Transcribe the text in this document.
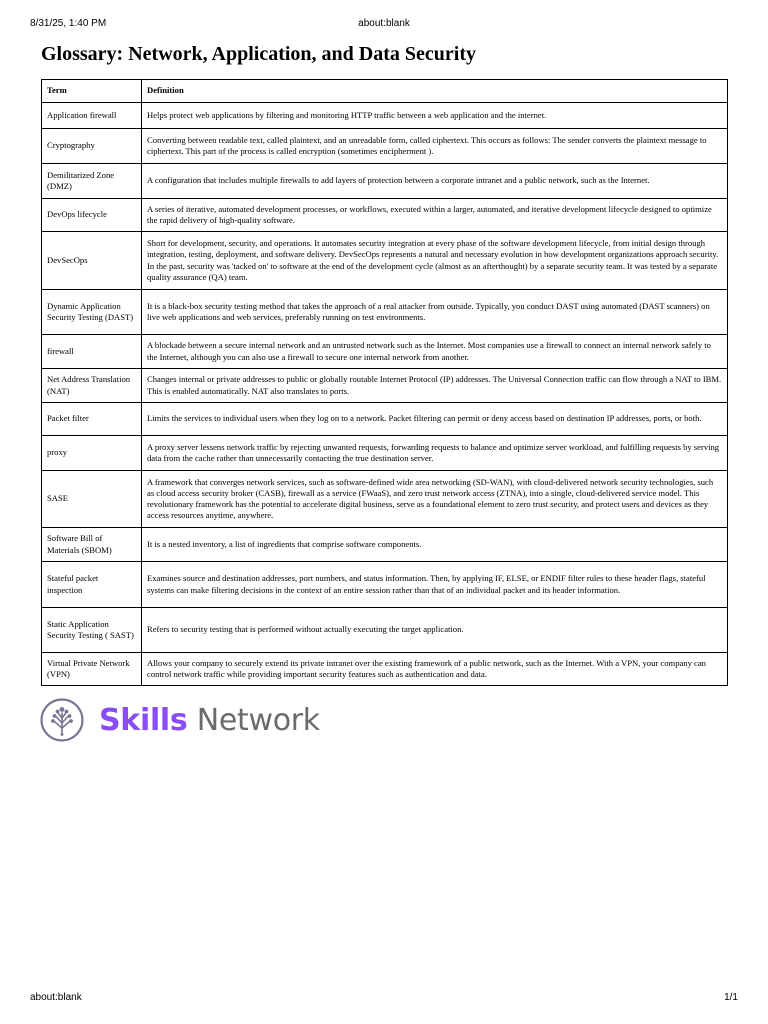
8/31/25, 1:40 PM	about:blank
Glossary: Network, Application, and Data Security
Term	Definition
Application firewall	Helps protect web applications by filtering and monitoring HTTP traffic between a web application and the internet.
Cryptography	Converting between readable text, called plaintext, and an unreadable form, called ciphertext. This occurs as follows: The sender converts the plaintext message to ciphertext. This part of the process is called encryption (sometimes encipherment ).
Demilitarized Zone (DMZ)	A configuration that includes multiple firewalls to add layers of protection between a corporate intranet and a public network, such as the Internet.
DevOps lifecycle	A series of iterative, automated development processes, or workflows, executed within a larger, automated, and iterative development lifecycle designed to optimize the rapid delivery of high-quality software.
DevSecOps	Short for development, security, and operations. It automates security integration at every phase of the software development lifecycle, from initial design through integration, testing, deployment, and software delivery. DevSecOps represents a natural and necessary evolution in how development organizations approach security. In the past, security was 'tacked on' to software at the end of the development cycle (almost as an afterthought) by a separate security team. It was tested by a separate quality assurance (QA) team.
Dynamic Application Security Testing (DAST)	It is a black-box security testing method that takes the approach of a real attacker from outside. Typically, you conduct DAST using automated (DAST scanners) on live web applications and web services, preferably running on test environments.
firewall	A blockade between a secure internal network and an untrusted network such as the Internet. Most companies use a firewall to connect an internal network safely to the Internet, although you can also use a firewall to secure one internal network from another.
Net Address Translation (NAT)	Changes internal or private addresses to public or globally routable Internet Protocol (IP) addresses. The Universal Connection traffic can flow through a NAT to IBM. This is enabled automatically. NAT also translates to ports.
Packet filter	Limits the services to individual users when they log on to a network. Packet filtering can permit or deny access based on destination IP addresses, ports, or both.
proxy	A proxy server lessens network traffic by rejecting unwanted requests, forwarding requests to balance and optimize server workload, and fulfilling requests by serving data from the cache rather than unnecessarily contacting the true destination server.
SASE	A framework that converges network services, such as software-defined wide area networking (SD-WAN), with cloud-delivered network security technologies, such as cloud access security broker (CASB), firewall as a service (FWaaS), and zero trust network access (ZTNA), into a single, cloud-delivered service model. This revolutionary framework has the potential to accelerate digital business, serve as a foundational element to zero trust security, and protect users and devices as they access resources anytime, anywhere.
Software Bill of Materials (SBOM)	It is a nested inventory, a list of ingredients that comprise software components.
Stateful packet inspection	Examines source and destination addresses, port numbers, and status information. Then, by applying IF, ELSE, or ENDIF filter rules to these header flags, stateful systems can make filtering decisions in the context of an entire session rather than that of an individual packet and its header information.
Static Application Security Testing ( SAST)	Refers to security testing that is performed without actually executing the target application.
Virtual Private Network (VPN)	Allows your company to securely extend its private intranet over the existing framework of a public network, such as the Internet. With a VPN, your company can control network traffic while providing important security features such as authentication and data.
Skills Network
about:blank	1/1
